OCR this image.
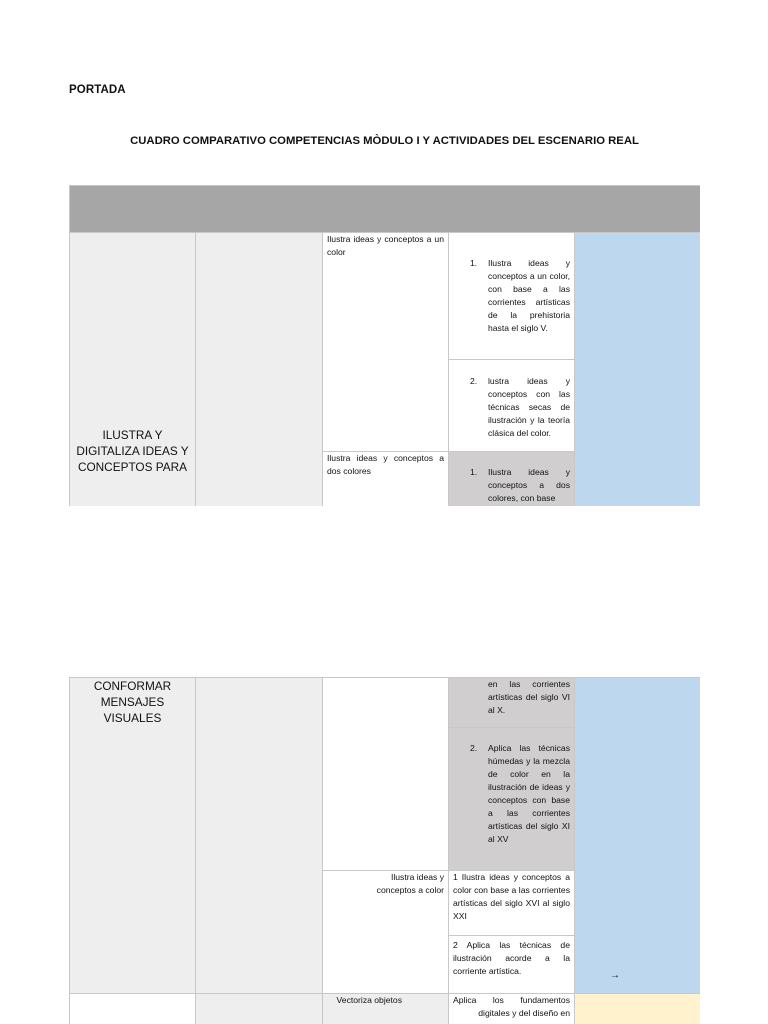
PORTADA
CUADRO COMPARATIVO COMPETENCIAS MÒDULO I Y ACTIVIDADES DEL ESCENARIO REAL
ILUSTRA Y DIGITALIZA IDEAS Y CONCEPTOS PARA
Ilustra ideas y conceptos a un color
Ilustra ideas y conceptos a dos colores
1. Ilustra ideas y conceptos a un color, con base a las corrientes artísticas de la prehistoria hasta el siglo V.
2. lustra ideas y conceptos con las técnicas secas de ilustración y la teoría clásica del color.
1. Ilustra ideas y conceptos a dos colores, con base
CONFORMAR MENSAJES VISUALES
Ilustra ideas y conceptos a color
en las corrientes artísticas del siglo VI al X.
2. Aplica las técnicas húmedas y la mezcla de color en la ilustración de ideas y conceptos con base a las corrientes artísticas del siglo XI al XV
1 Ilustra ideas y conceptos a color con base a las corrientes artísticas del siglo XVI al siglo XXI
2 Aplica las técnicas de ilustración acorde a la corriente artística.	→
Vectoriza objetos	Aplica los fundamentos digitales y del diseño en
